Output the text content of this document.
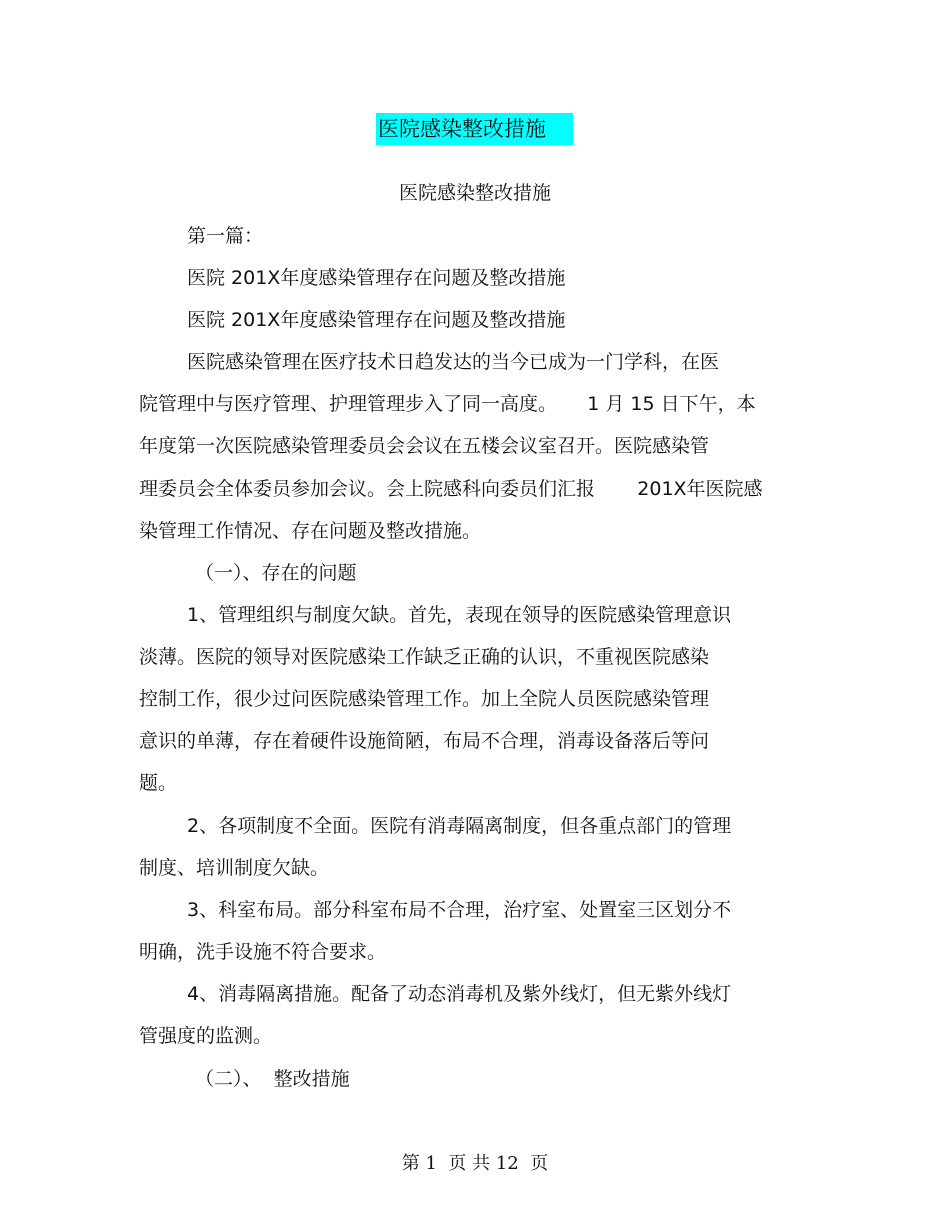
医院感染整改措施
医院感染整改措施
第一篇：
医院 201X年度感染管理存在问题及整改措施
医院 201X年度感染管理存在问题及整改措施
医院感染管理在医疗技术日趋发达的当今已成为一门学科，在医
院管理中与医疗管理、护理管理步入了同一高度。     1 月 15 日下午，本
年度第一次医院感染管理委员会会议在五楼会议室召开。医院感染管
理委员会全体委员参加会议。会上院感科向委员们汇报       201X年医院感
染管理工作情况、存在问题及整改措施。
（一）、存在的问题
1、管理组织与制度欠缺。首先，表现在领导的医院感染管理意识
淡薄。医院的领导对医院感染工作缺乏正确的认识，不重视医院感染
控制工作，很少过问医院感染管理工作。加上全院人员医院感染管理
意识的单薄，存在着硬件设施简陋，布局不合理，消毒设备落后等问
题。
2、各项制度不全面。医院有消毒隔离制度，但各重点部门的管理
制度、培训制度欠缺。
3、科室布局。部分科室布局不合理，治疗室、处置室三区划分不
明确，洗手设施不符合要求。
4、消毒隔离措施。配备了动态消毒机及紫外线灯，但无紫外线灯
管强度的监测。
（二）、  整改措施
第 1  页 共 12  页
